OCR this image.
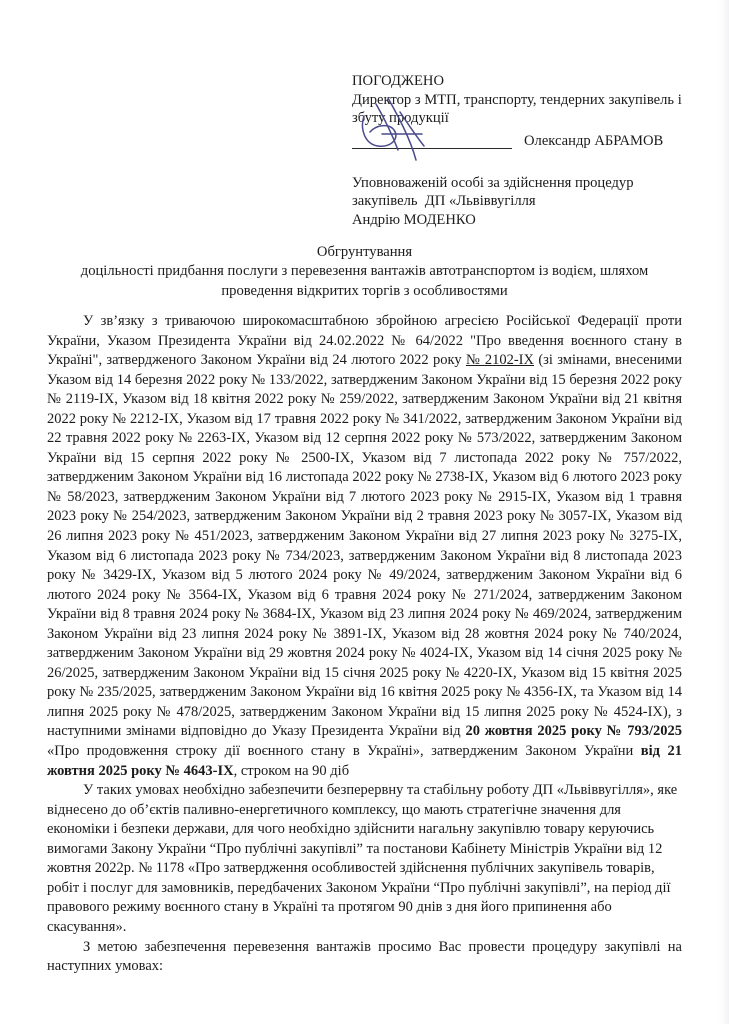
ПОГОДЖЕНО
Директор з МТП, транспорту, тендерних закупівель і збуту продукції
Олександр АБРАМОВ
Уповноваженій особі за здійснення процедур
закупівель  ДП «Львіввугілля
Андрію МОДЕНКО
Обгрунтування
доцільності придбання послуги з перевезення вантажів автотранспортом із водієм, шляхом проведення відкритих торгів з особливостями

У зв’язку з триваючою широкомасштабною збройною агресією Російської Федерації проти України, Указом Президента України від 24.02.2022 № 64/2022 "Про введення воєнного стану в Україні", затвердженого Законом України від 24 лютого 2022 року № 2102-IX (зі змінами, внесеними Указом від 14 березня 2022 року № 133/2022, затвердженим Законом України від 15 березня 2022 року № 2119-IX, Указом від 18 квітня 2022 року № 259/2022, затвердженим Законом України від 21 квітня 2022 року № 2212-IX, Указом від 17 травня 2022 року № 341/2022, затвердженим Законом України від 22 травня 2022 року № 2263-IX, Указом від 12 серпня 2022 року № 573/2022, затвердженим Законом України від 15 серпня 2022 року № 2500-IX, Указом від 7 листопада 2022 року № 757/2022, затвердженим Законом України від 16 листопада 2022 року № 2738-IX, Указом від 6 лютого 2023 року № 58/2023, затвердженим Законом України від 7 лютого 2023 року № 2915-IX, Указом від 1 травня 2023 року № 254/2023, затвердженим Законом України від 2 травня 2023 року № 3057-IX, Указом від 26 липня 2023 року № 451/2023, затвердженим Законом України від 27 липня 2023 року № 3275-IX, Указом від 6 листопада 2023 року № 734/2023, затвердженим Законом України від 8 листопада 2023 року № 3429-IX, Указом від 5 лютого 2024 року № 49/2024, затвердженим Законом України від 6 лютого 2024 року № 3564-IX, Указом від 6 травня 2024 року № 271/2024, затвердженим Законом України від 8 травня 2024 року № 3684-IX, Указом від 23 липня 2024 року № 469/2024, затвердженим Законом України від 23 липня 2024 року № 3891-IX, Указом від 28 жовтня 2024 року № 740/2024, затвердженим Законом України від 29 жовтня 2024 року № 4024-IX, Указом від 14 січня 2025 року № 26/2025, затвердженим Законом України від 15 січня 2025 року № 4220-IX, Указом від 15 квітня 2025 року № 235/2025, затвердженим Законом України від 16 квітня 2025 року № 4356-IX, та Указом від 14 липня 2025 року № 478/2025, затвердженим Законом України від 15 липня 2025 року № 4524-IX), з наступними змінами відповідно до Указу Президента України від 20 жовтня 2025 року № 793/2025 «Про продовження строку дії воєнного стану в Україні», затвердженим Законом України від 21 жовтня 2025 року № 4643-IX, строком на 90 діб

У таких умовах необхідно забезпечити безперервну та стабільну роботу ДП «Львіввугілля», яке віднесено до об’єктів паливно-енергетичного комплексу, що мають стратегічне значення для економіки і безпеки держави, для чого необхідно здійснити нагальну закупівлю товару керуючись вимогами Закону України “Про публічні закупівлі” та постанови Кабінету Міністрів України від 12 жовтня 2022р. № 1178 «Про затвердження особливостей здійснення публічних закупівель товарів, робіт і послуг для замовників, передбачених Законом України “Про публічні закупівлі”, на період дії правового режиму воєнного стану в Україні та протягом 90 днів з дня його припинення або скасування».

З метою забезпечення перевезення вантажів просимо Вас провести процедуру закупівлі на наступних умовах:
